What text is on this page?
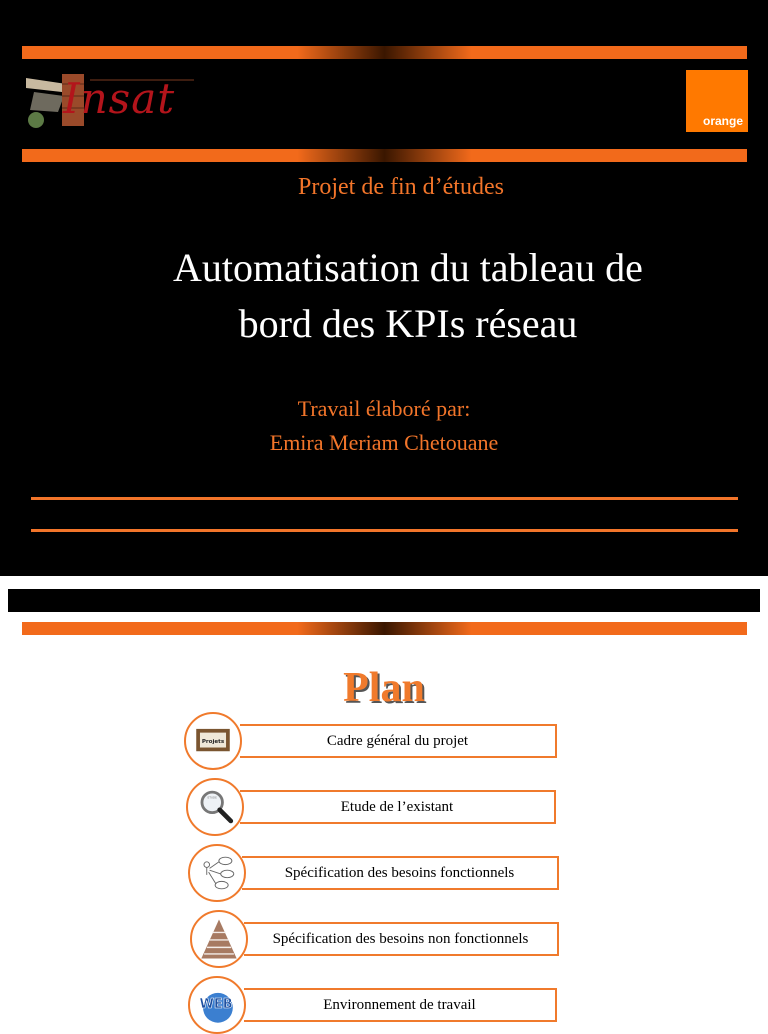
Insat	orange
Projet de fin d’études
Automatisation du tableau de
bord des KPIs réseau
Travail élaboré par:
Emira Meriam Chetouane
Plan
Cadre général du projet
Projets
Etude de l’existant
ETUDE
Spécification des besoins fonctionnels
Spécification des besoins non fonctionnels
Environnement de travail
WEB
